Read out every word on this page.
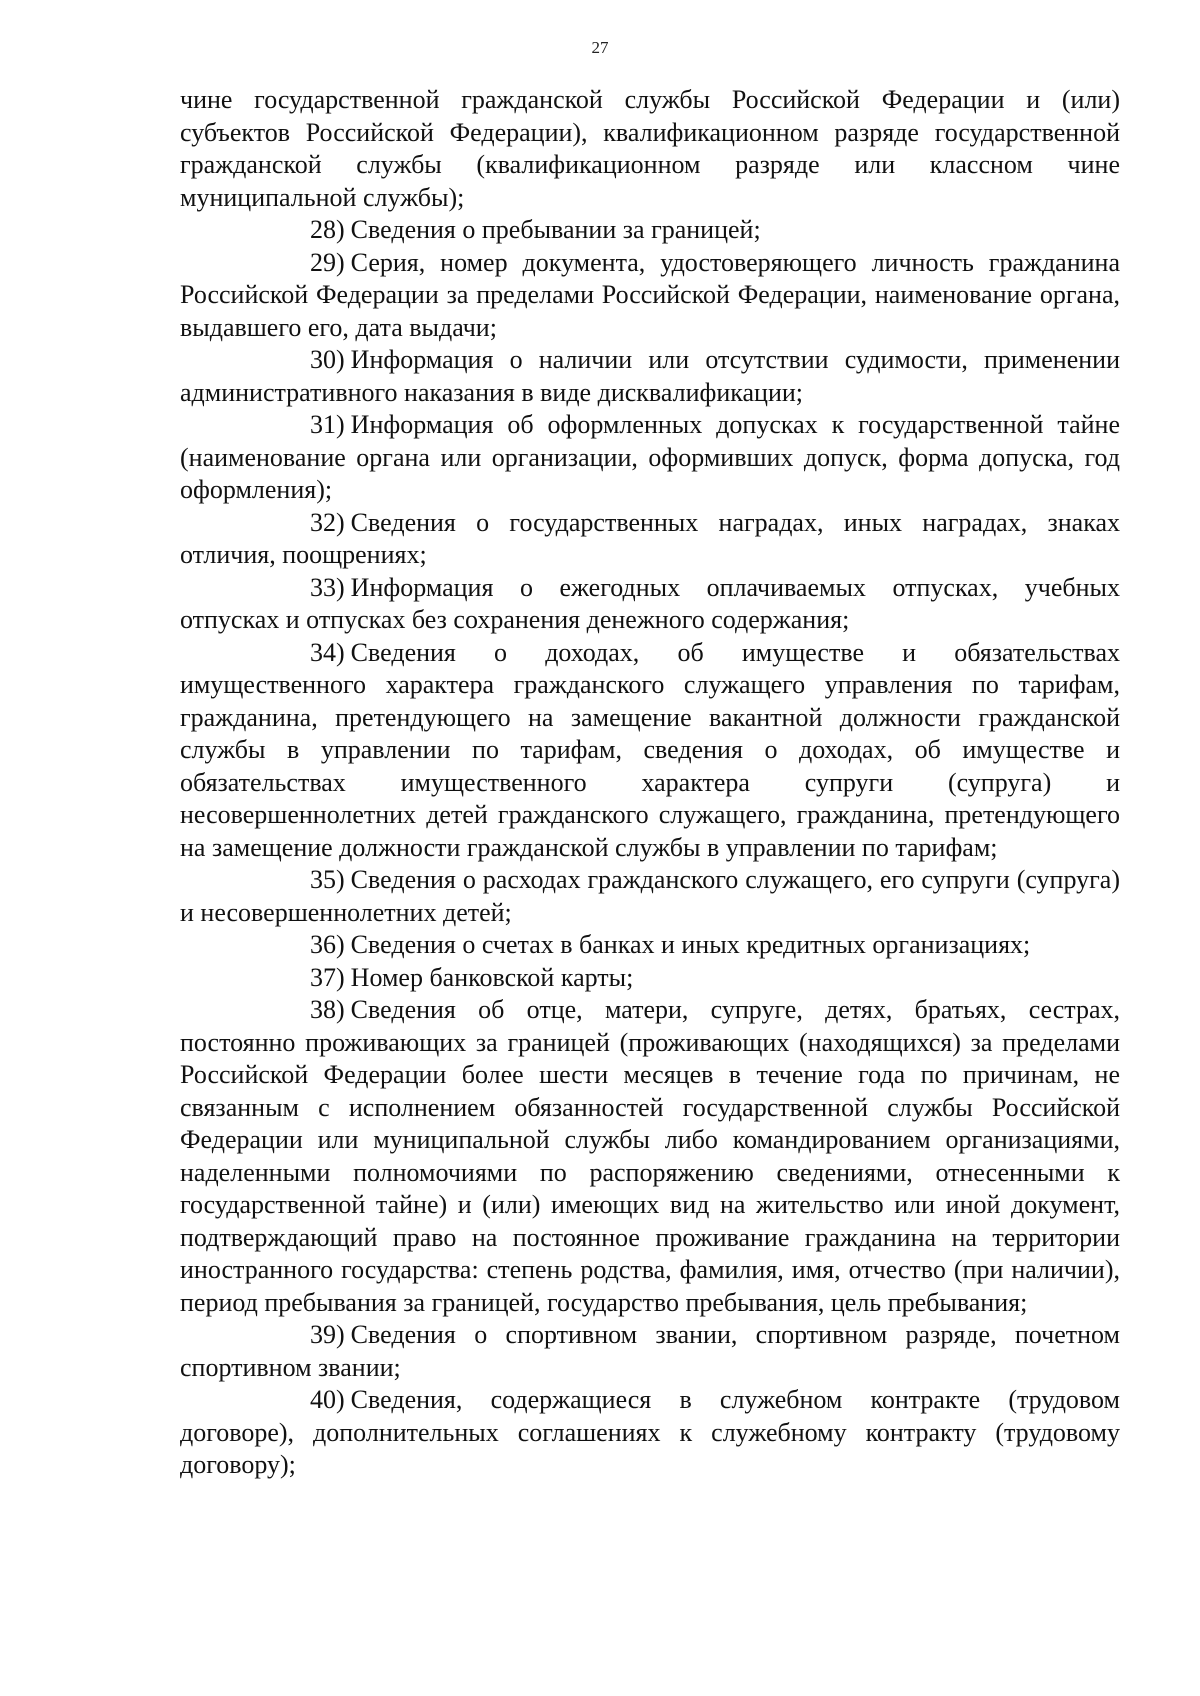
27

чине государственной гражданской службы Российской Федерации и (или) субъектов Российской Федерации), квалификационном разряде государственной гражданской службы (квалификационном разряде или классном чине муниципальной службы);

28) Сведения о пребывании за границей;

29) Серия, номер документа, удостоверяющего личность гражданина Российской Федерации за пределами Российской Федерации, наименование органа, выдавшего его, дата выдачи;

30) Информация о наличии или отсутствии судимости, применении административного наказания в виде дисквалификации;

31) Информация об оформленных допусках к государственной тайне (наименование органа или организации, оформивших допуск, форма допуска, год оформления);

32) Сведения о государственных наградах, иных наградах, знаках отличия, поощрениях;

33) Информация о ежегодных оплачиваемых отпусках, учебных отпусках и отпусках без сохранения денежного содержания;

34) Сведения о доходах, об имуществе и обязательствах имущественного характера гражданского служащего управления по тарифам, гражданина, претендующего на замещение вакантной должности гражданской службы в управлении по тарифам, сведения о доходах, об имуществе и обязательствах имущественного характера супруги (супруга) и несовершеннолетних детей гражданского служащего, гражданина, претендующего на замещение должности гражданской службы в управлении по тарифам;

35) Сведения о расходах гражданского служащего, его супруги (супруга) и несовершеннолетних детей;

36) Сведения о счетах в банках и иных кредитных организациях;

37) Номер банковской карты;

38) Сведения об отце, матери, супруге, детях, братьях, сестрах, постоянно проживающих за границей (проживающих (находящихся) за пределами Российской Федерации более шести месяцев в течение года по причинам, не связанным с исполнением обязанностей государственной службы Российской Федерации или муниципальной службы либо командированием организациями, наделенными полномочиями по распоряжению сведениями, отнесенными к государственной тайне) и (или) имеющих вид на жительство или иной документ, подтверждающий право на постоянное проживание гражданина на территории иностранного государства: степень родства, фамилия, имя, отчество (при наличии), период пребывания за границей, государство пребывания, цель пребывания;

39) Сведения о спортивном звании, спортивном разряде, почетном спортивном звании;

40) Сведения, содержащиеся в служебном контракте (трудовом договоре), дополнительных соглашениях к служебному контракту (трудовому договору);
